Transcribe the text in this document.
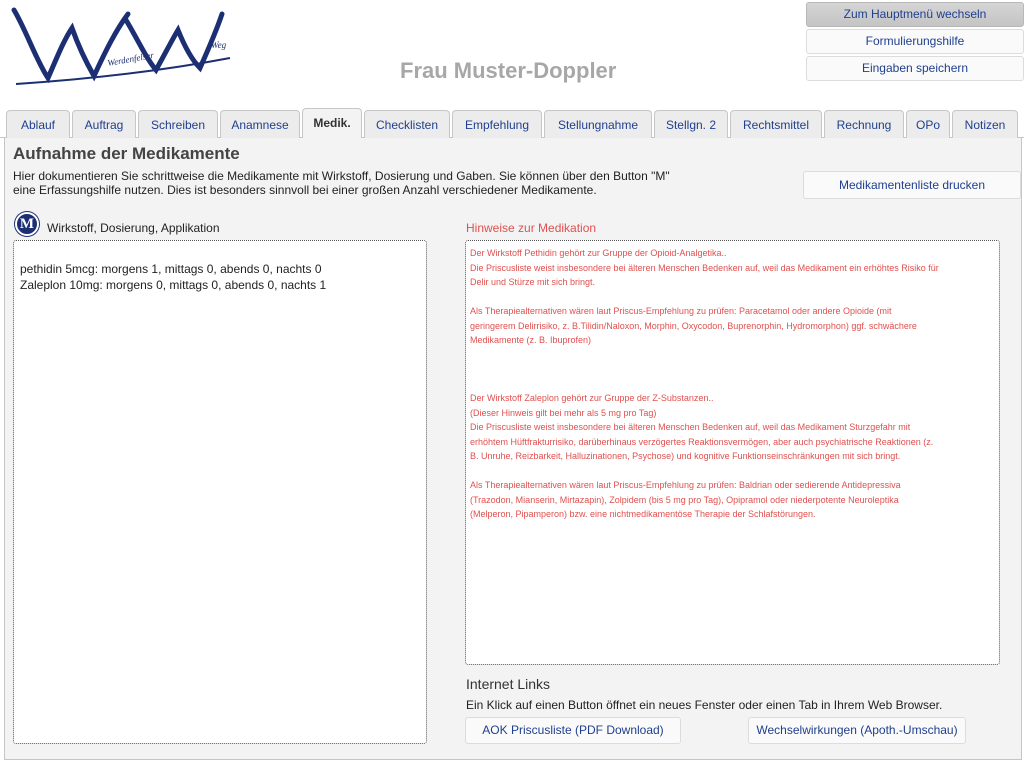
Werdenfelser
Weg
Frau Muster-Doppler
Zum Hauptmenü wechseln
Formulierungshilfe
Eingaben speichern
Ablauf	Auftrag	Schreiben	Anamnese	Medik.	Checklisten	Empfehlung	Stellungnahme	Stellgn. 2	Rechtsmittel	Rechnung	OPo	Notizen
Aufnahme der Medikamente
Hier dokumentieren Sie schrittweise die Medikamente mit Wirkstoff, Dosierung und Gaben. Sie können über den Button "M"
eine Erfassungshilfe nutzen. Dies ist besonders sinnvoll bei einer großen Anzahl verschiedener Medikamente.	Medikamentenliste drucken
M	Wirkstoff, Dosierung, Applikation
pethidin 5mcg: morgens 1, mittags 0, abends 0, nachts 0
Zaleplon 10mg: morgens 0, mittags 0, abends 0, nachts 1
Hinweise zur Medikation
Der Wirkstoff Pethidin gehört zur Gruppe der Opioid-Analgetika..
Die Priscusliste weist insbesondere bei älteren Menschen Bedenken auf, weil das Medikament ein erhöhtes Risiko für
Delir und Stürze mit sich bringt.
Als Therapiealternativen wären laut Priscus-Empfehlung zu prüfen: Paracetamol oder andere Opioide (mit
geringerem Delirrisiko, z. B.Tilidin/Naloxon, Morphin, Oxycodon, Buprenorphin, Hydromorphon) ggf. schwächere
Medikamente (z. B. Ibuprofen)
Der Wirkstoff Zaleplon gehört zur Gruppe der Z-Substanzen..
(Dieser Hinweis gilt bei mehr als 5 mg pro Tag)
Die Priscusliste weist insbesondere bei älteren Menschen Bedenken auf, weil das Medikament Sturzgefahr mit
erhöhtem Hüftfrakturrisiko, darüberhinaus verzögertes Reaktionsvermögen, aber auch psychiatrische Reaktionen (z.
B. Unruhe, Reizbarkeit, Halluzinationen, Psychose) und kognitive Funktionseinschränkungen mit sich bringt.
Als Therapiealternativen wären laut Priscus-Empfehlung zu prüfen: Baldrian oder sedierende Antidepressiva
(Trazodon, Mianserin, Mirtazapin), Zolpidem (bis 5 mg pro Tag), Opipramol oder niederpotente Neuroleptika
(Melperon, Pipamperon) bzw. eine nichtmedikamentöse Therapie der Schlafstörungen.
Internet Links
Ein Klick auf einen Button öffnet ein neues Fenster oder einen Tab in Ihrem Web Browser.
AOK Priscusliste (PDF Download)	Wechselwirkungen (Apoth.-Umschau)
